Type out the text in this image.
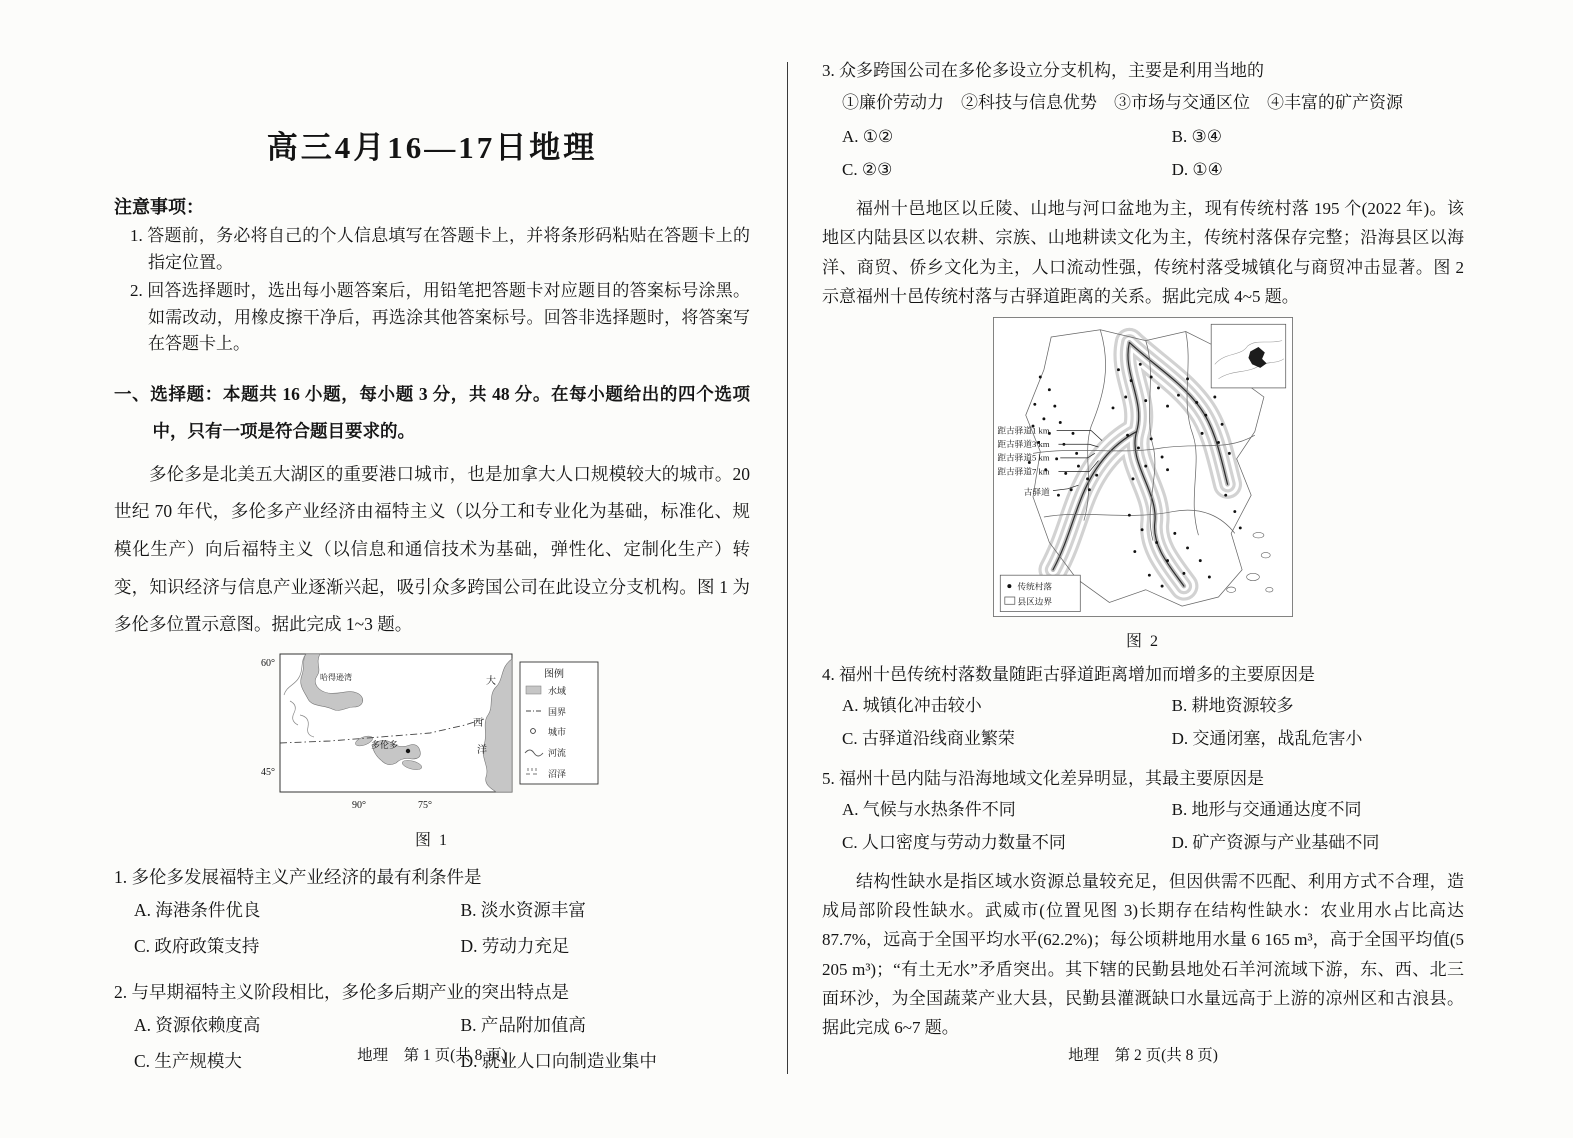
高三4月16—17日地理

注意事项：

1. 答题前，务必将自己的个人信息填写在答题卡上，并将条形码粘贴在答题卡上的指定位置。

2. 回答选择题时，选出每小题答案后，用铅笔把答题卡对应题目的答案标号涂黑。如需改动，用橡皮擦干净后，再选涂其他答案标号。回答非选择题时，将答案写在答题卡上。

一、选择题：本题共 16 小题，每小题 3 分，共 48 分。在每小题给出的四个选项中，只有一项是符合题目要求的。

多伦多是北美五大湖区的重要港口城市，也是加拿大人口规模较大的城市。20 世纪 70 年代，多伦多产业经济由福特主义（以分工和专业化为基础，标准化、规模化生产）向后福特主义（以信息和通信技术为基础，弹性化、定制化生产）转变，知识经济与信息产业逐渐兴起，吸引众多跨国公司在此设立分支机构。图 1 为多伦多位置示意图。据此完成 1~3 题。

多伦多
哈得逊湾	大
西
洋
60°
45°
90°	75°
图例
水域
国界
城市
河流
沼泽
图 1

1. 多伦多发展福特主义产业经济的最有利条件是

A. 海港条件优良	B. 淡水资源丰富
C. 政府政策支持	D. 劳动力充足

2. 与早期福特主义阶段相比，多伦多后期产业的突出特点是

A. 资源依赖度高	B. 产品附加值高
C. 生产规模大	D. 就业人口向制造业集中

地理　第 1 页(共 8 页)

3. 众多跨国公司在多伦多设立分支机构，主要是利用当地的

①廉价劳动力　②科技与信息优势　③市场与交通区位　④丰富的矿产资源

A. ①②	B. ③④
C. ②③	D. ①④

福州十邑地区以丘陵、山地与河口盆地为主，现有传统村落 195 个(2022 年)。该地区内陆县区以农耕、宗族、山地耕读文化为主，传统村落保存完整；沿海县区以海洋、商贸、侨乡文化为主，人口流动性强，传统村落受城镇化与商贸冲击显著。图 2 示意福州十邑传统村落与古驿道距离的关系。据此完成 4~5 题。

距古驿道1 km
距古驿道3 km
距古驿道5 km
距古驿道7 km
古驿道
传统村落
县区边界
图 2

4. 福州十邑传统村落数量随距古驿道距离增加而增多的主要原因是

A. 城镇化冲击较小	B. 耕地资源较多
C. 古驿道沿线商业繁荣	D. 交通闭塞，战乱危害小

5. 福州十邑内陆与沿海地域文化差异明显，其最主要原因是

A. 气候与水热条件不同	B. 地形与交通通达度不同
C. 人口密度与劳动力数量不同	D. 矿产资源与产业基础不同

结构性缺水是指区域水资源总量较充足，但因供需不匹配、利用方式不合理，造成局部阶段性缺水。武威市(位置见图 3)长期存在结构性缺水：农业用水占比高达 87.7%，远高于全国平均水平(62.2%)；每公顷耕地用水量 6 165 m³，高于全国平均值(5 205 m³)；“有土无水”矛盾突出。其下辖的民勤县地处石羊河流域下游，东、西、北三面环沙，为全国蔬菜产业大县，民勤县灌溉缺口水量远高于上游的凉州区和古浪县。据此完成 6~7 题。

地理　第 2 页(共 8 页)
